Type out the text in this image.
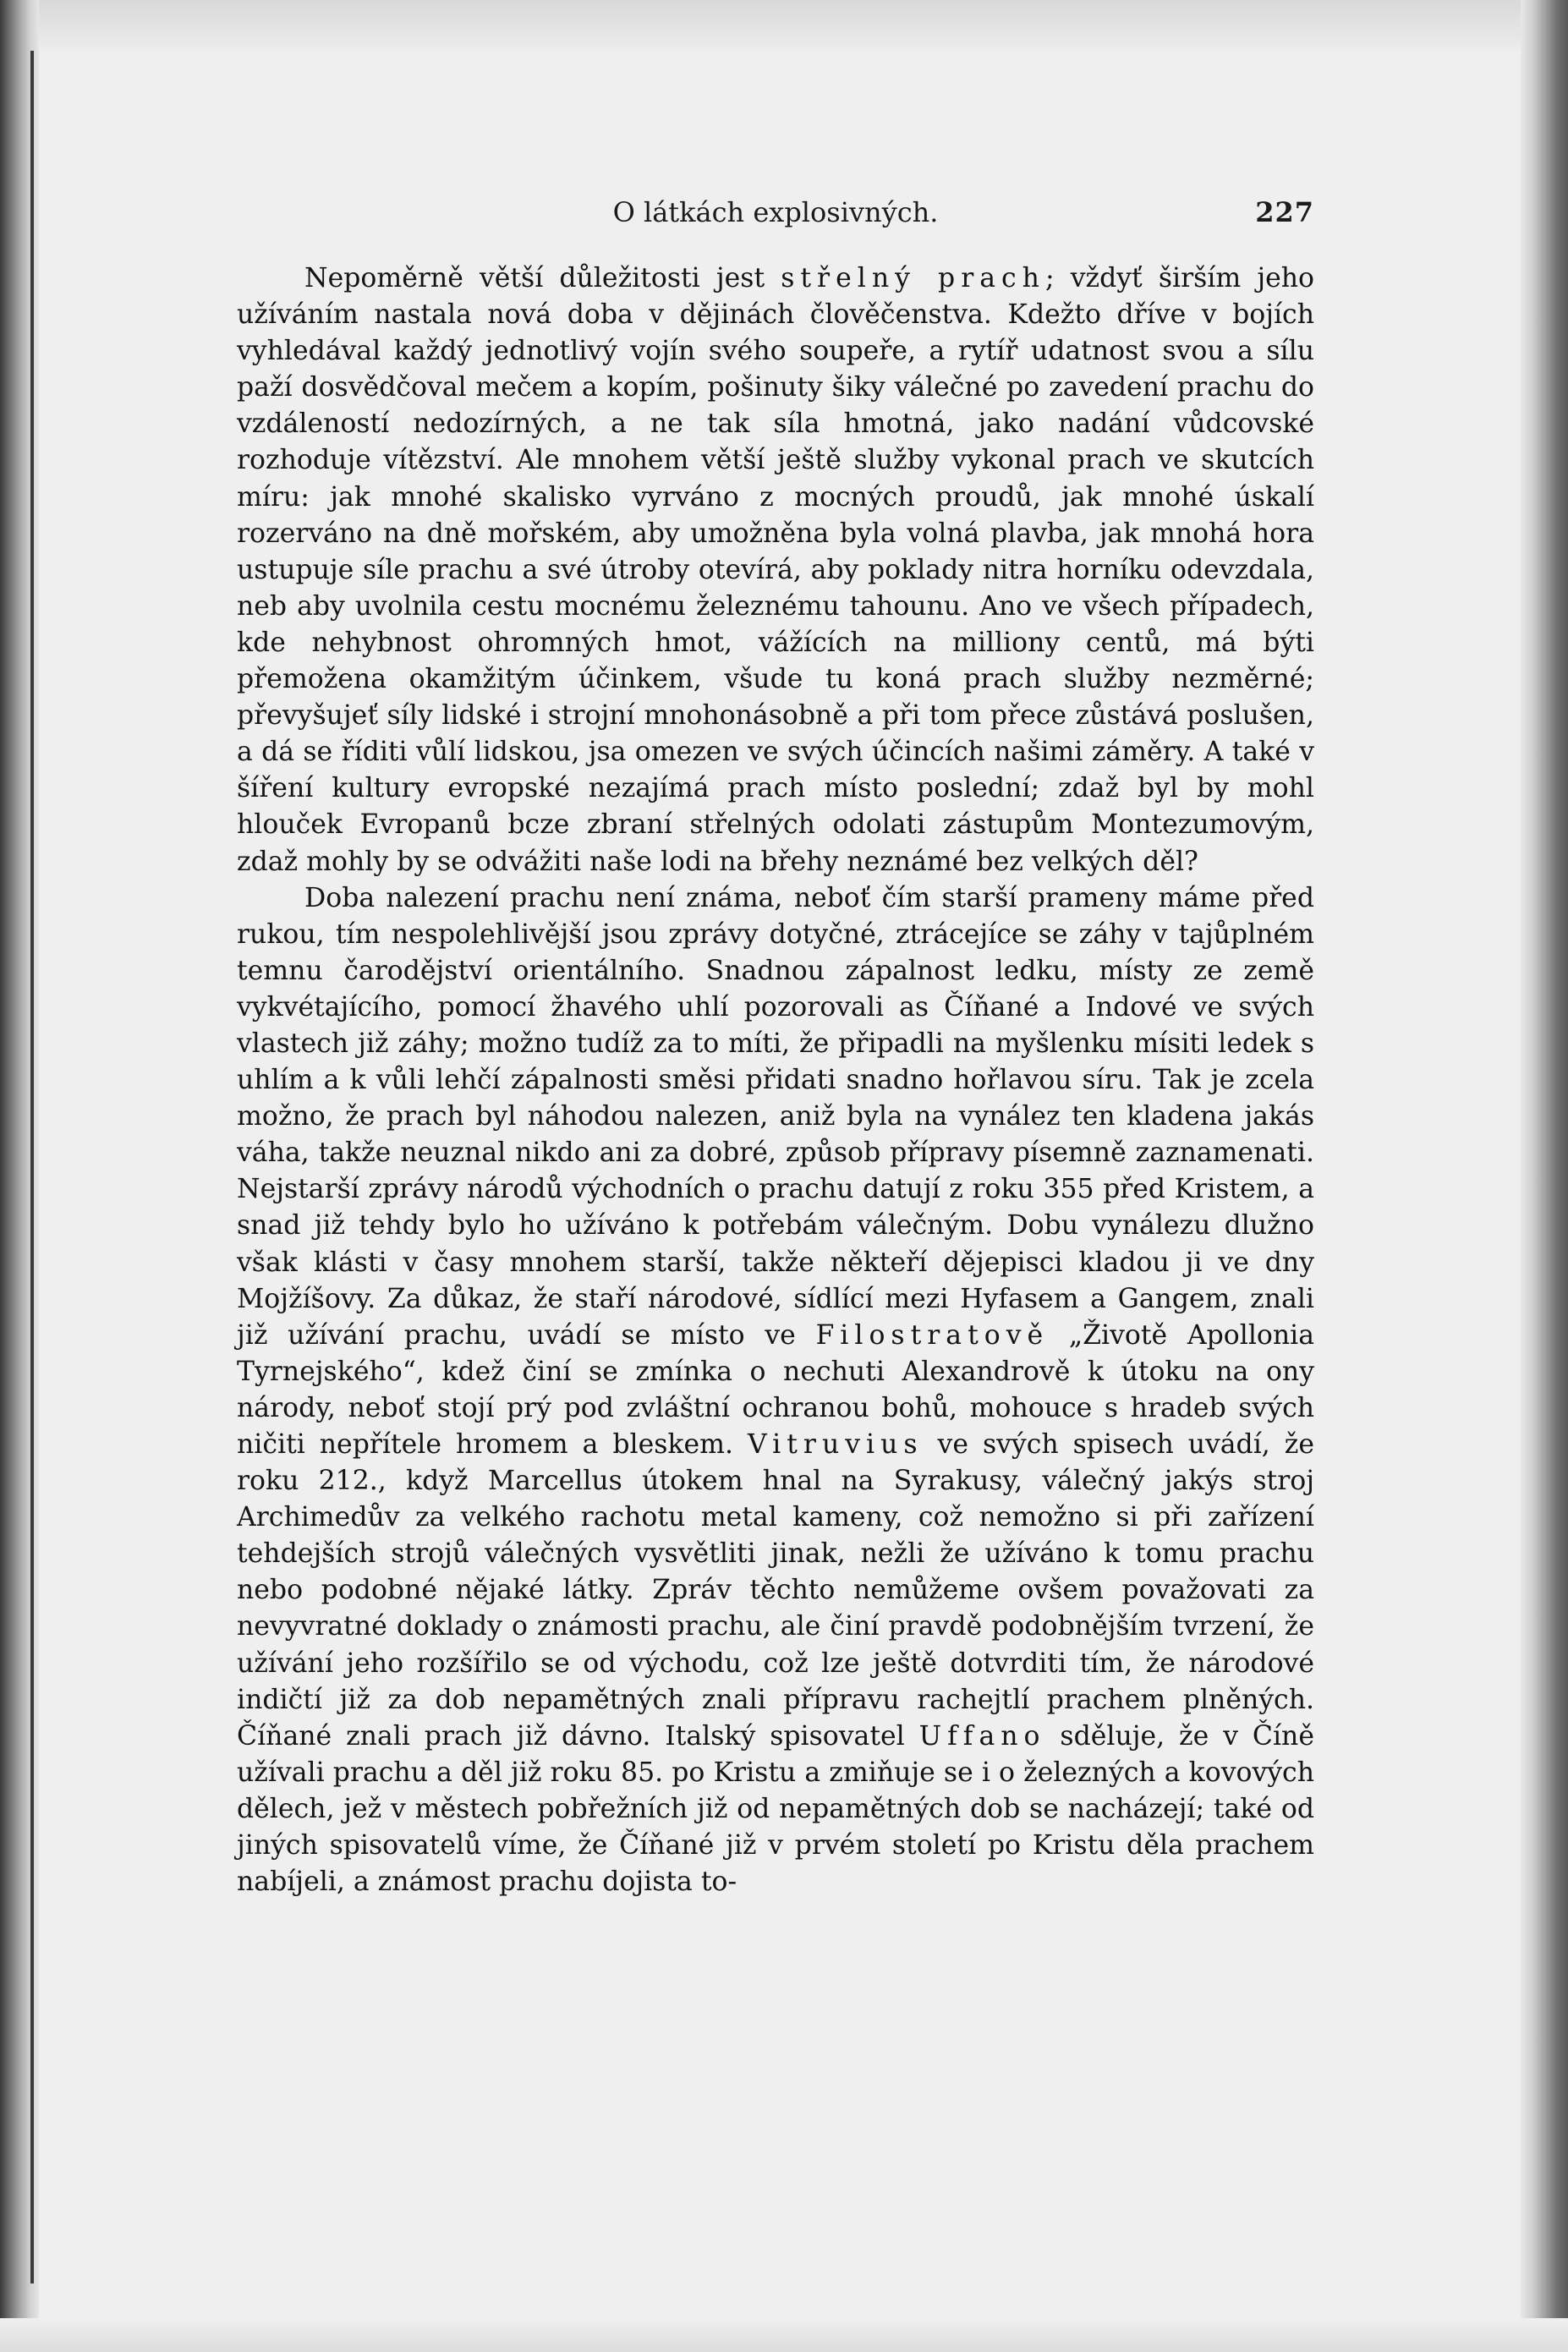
O látkách explosivných.	227

Nepoměrně větší důležitosti jest střelný prach; vždyť širším jeho užíváním nastala nová doba v dějinách člověčenstva. Kdežto dříve v bojích vyhledával každý jednotlivý vojín svého soupeře, a rytíř udatnost svou a sílu paží dosvědčoval mečem a kopím, pošinuty šiky válečné po zavedení prachu do vzdáleností nedozírných, a ne tak síla hmotná, jako nadání vůdcovské rozhoduje vítězství. Ale mnohem větší ještě služby vykonal prach ve skutcích míru: jak mnohé skalisko vyrváno z mocných proudů, jak mnohé úskalí rozerváno na dně mořském, aby umožněna byla volná plavba, jak mnohá hora ustupuje síle prachu a své útroby otevírá, aby poklady nitra horníku odevzdala, neb aby uvolnila cestu mocnému železnému tahounu. Ano ve všech případech, kde nehybnost ohromných hmot, vážících na milliony centů, má býti přemožena okamžitým účinkem, všude tu koná prach služby nezměrné; převyšujeť síly lidské i strojní mnohonásobně a při tom přece zůstává poslušen, a dá se říditi vůlí lidskou, jsa omezen ve svých účincích našimi záměry. A také v šíření kultury evropské nezajímá prach místo poslední; zdaž byl by mohl hlouček Evropanů bcze zbraní střelných odolati zástupům Montezumovým, zdaž mohly by se odvážiti naše lodi na břehy neznámé bez velkých děl?

Doba nalezení prachu není známa, neboť čím starší prameny máme před rukou, tím nespolehlivější jsou zprávy dotyčné, ztrácejíce se záhy v tajůplném temnu čarodějství orientálního. Snadnou zápalnost ledku, místy ze země vykvétajícího, pomocí žhavého uhlí pozorovali as Číňané a Indové ve svých vlastech již záhy; možno tudíž za to míti, že připadli na myšlenku mísiti ledek s uhlím a k vůli lehčí zápalnosti směsi přidati snadno hořlavou síru. Tak je zcela možno, že prach byl náhodou nalezen, aniž byla na vynález ten kladena jakás váha, takže neuznal nikdo ani za dobré, způsob přípravy písemně zaznamenati. Nejstarší zprávy národů východních o prachu datují z roku 355 před Kristem, a snad již tehdy bylo ho užíváno k potřebám válečným. Dobu vynálezu dlužno však klásti v časy mnohem starší, takže někteří dějepisci kladou ji ve dny Mojžíšovy. Za důkaz, že staří národové, sídlící mezi Hyfasem a Gangem, znali již užívání prachu, uvádí se místo ve Filostratově „Životě Apollonia Tyrnejského“, kdež činí se zmínka o nechuti Alexandrově k útoku na ony národy, neboť stojí prý pod zvláštní ochranou bohů, mohouce s hradeb svých ničiti nepřítele hromem a bleskem. Vitruvius ve svých spisech uvádí, že roku 212., když Marcellus útokem hnal na Syrakusy, válečný jakýs stroj Archimedův za velkého rachotu metal kameny, což nemožno si při zařízení tehdejších strojů válečných vysvětliti jinak, nežli že užíváno k tomu prachu nebo podobné nějaké látky. Zpráv těchto nemůžeme ovšem považovati za nevyvratné doklady o známosti prachu, ale činí pravdě podobnějším tvrzení, že užívání jeho rozšířilo se od východu, což lze ještě dotvrditi tím, že národové indičtí již za dob nepamětných znali přípravu rachejtlí prachem plněných. Číňané znali prach již dávno. Italský spisovatel Uffano sděluje, že v Číně užívali prachu a děl již roku 85. po Kristu a zmiňuje se i o železných a kovových dělech, jež v městech pobřežních již od nepamětných dob se nacházejí; také od jiných spisovatelů víme, že Číňané již v prvém století po Kristu děla prachem nabíjeli, a známost prachu dojista to-
